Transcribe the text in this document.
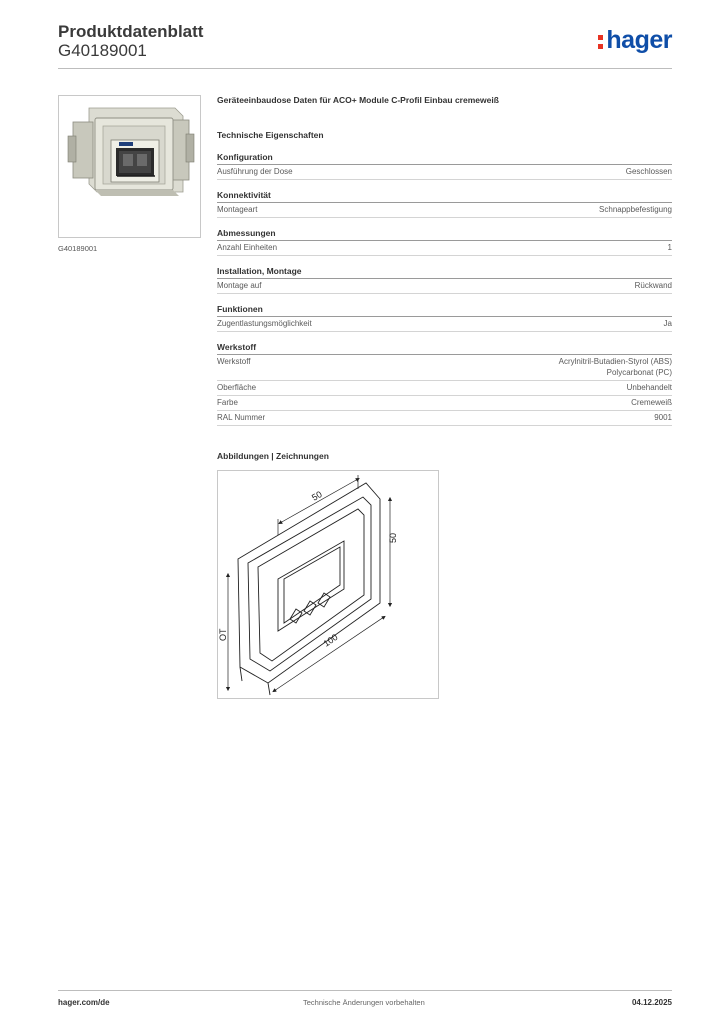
Produktdatenblatt
G40189001	hager
G40189001
Geräteeinbaudose Daten für ACO+ Module C-Profil Einbau cremeweiß
Technische Eigenschaften
Konfiguration
Ausführung der Dose	Geschlossen
Konnektivität
Montageart	Schnappbefestigung
Abmessungen
Anzahl Einheiten	1
Installation, Montage
Montage auf	Rückwand
Funktionen
Zugentlastungsmöglichkeit	Ja
Werkstoff
Werkstoff	Acrylnitril-Butadien-Styrol (ABS)
Polycarbonat (PC)
Oberfläche	Unbehandelt
Farbe	Cremeweiß
RAL Nummer	9001
Abbildungen | Zeichnungen
50
50
100
OT
hager.com/de	Technische Änderungen vorbehalten	04.12.2025
